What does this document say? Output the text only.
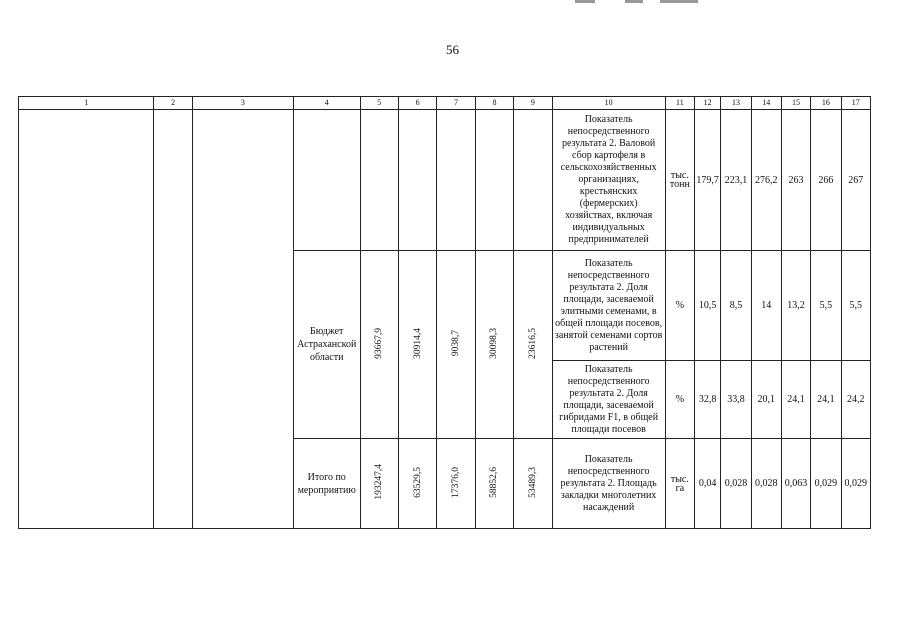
56
1	2	3	4	5	6	7	8	9	10	11	12	13	14	15	16	17
									Показатель непосредственного результата 2. Валовой сбор картофеля в сельскохозяйственных организациях, крестьянских (фермерских) хозяйствах, включая индивидуальных предпринимателей	тыс. тонн	179,7	223,1	276,2	263	266	267
			Бюджет Астраханской области	93667,9	30914,4	9038,7	30098,3	23616,5	Показатель непосредственного результата 2. Доля площади, засеваемой элитными семенами, в общей площади посевов, занятой семенами сортов растений	%	10,5	8,5	14	13,2	5,5	5,5
									Показатель непосредственного результата 2. Доля площади, засеваемой гибридами F1, в общей площади посевов	%	32,8	33,8	20,1	24,1	24,1	24,2
			Итого по мероприятию	193247,4	63529,5	17376,0	58852,6	53489,3	Показатель непосредственного результата 2. Площадь закладки многолетних насаждений	тыс. га	0,04	0,028	0,028	0,063	0,029	0,029
